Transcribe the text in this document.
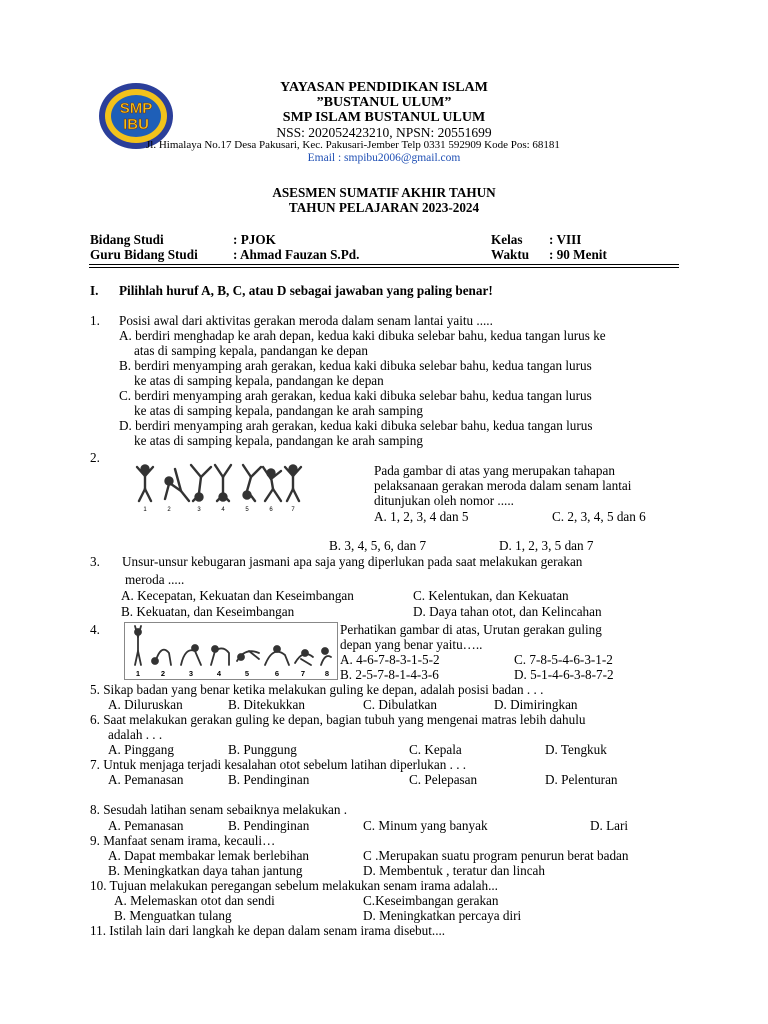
SMP
IBU
YAYASAN PENDIDIKAN ISLAM
”BUSTANUL ULUM”
SMP ISLAM BUSTANUL ULUM
NSS: 202052423210, NPSN: 20551699
Jl. Himalaya No.17 Desa Pakusari, Kec. Pakusari-Jember Telp 0331 592909 Kode Pos: 68181
Email : smpibu2006@gmail.com
ASESMEN SUMATIF AKHIR TAHUN
TAHUN PELAJARAN 2023-2024
Bidang Studi	: PJOK	Kelas : VIII
Guru Bidang Studi	: Ahmad Fauzan S.Pd.	Waktu : 90 Menit
I. Pilihlah huruf A, B, C, atau D sebagai jawaban yang paling benar!
1. Posisi awal dari aktivitas gerakan meroda dalam senam lantai yaitu .....
A. berdiri menghadap ke arah depan, kedua kaki dibuka selebar bahu, kedua tangan lurus ke
atas di samping kepala, pandangan ke depan
B. berdiri menyamping arah gerakan, kedua kaki dibuka selebar bahu, kedua tangan lurus
ke atas di samping kepala, pandangan ke depan
C. berdiri menyamping arah gerakan, kedua kaki dibuka selebar bahu, kedua tangan lurus
ke atas di samping kepala, pandangan ke arah samping
D. berdiri menyamping arah gerakan, kedua kaki dibuka selebar bahu, kedua tangan lurus
ke atas di samping kepala, pandangan ke arah samping
2.
1	2	3	4	5	6	7
Pada gambar di atas yang merupakan tahapan
pelaksanaan gerakan meroda dalam senam lantai
ditunjukan oleh nomor .....
A. 1, 2, 3, 4 dan 5	C. 2, 3, 4, 5 dan 6
B. 3, 4, 5, 6, dan 7	D. 1, 2, 3, 5 dan 7
3. Unsur-unsur kebugaran jasmani apa saja yang diperlukan pada saat melakukan gerakan
meroda .....
A. Kecepatan, Kekuatan dan Keseimbangan	C. Kelentukan, dan Kekuatan
B. Kekuatan, dan Keseimbangan	D. Daya tahan otot, dan Kelincahan
4.
1	2	3	4	5	6	7	8
Perhatikan gambar di atas, Urutan gerakan guling
depan yang benar yaitu…..
A. 4-6-7-8-3-1-5-2	C. 7-8-5-4-6-3-1-2
B. 2-5-7-8-1-4-3-6	D. 5-1-4-6-3-8-7-2
5. Sikap badan yang benar ketika melakukan guling ke depan, adalah posisi badan . . .
A. Diluruskan	B. Ditekukkan	C. Dibulatkan	D. Dimiringkan
6. Saat melakukan gerakan guling ke depan, bagian tubuh yang mengenai matras lebih dahulu
adalah . . .
A. Pinggang	B. Punggung	C. Kepala	D. Tengkuk
7. Untuk menjaga terjadi kesalahan otot sebelum latihan diperlukan . . .
A. Pemanasan	B. Pendinginan	C. Pelepasan	D. Pelenturan
8. Sesudah latihan senam sebaiknya melakukan .
A. Pemanasan	B. Pendinginan	C. Minum yang banyak	D. Lari
9. Manfaat senam irama, kecauli…
A. Dapat membakar lemak berlebihan	C .Merupakan suatu program penurun berat badan
B. Meningkatkan daya tahan jantung	D. Membentuk , teratur dan lincah
10. Tujuan melakukan peregangan sebelum melakukan senam irama adalah...
A. Melemaskan otot dan sendi	C.Keseimbangan gerakan
B. Menguatkan tulang	D. Meningkatkan percaya diri
11. Istilah lain dari langkah ke depan dalam senam irama disebut....
